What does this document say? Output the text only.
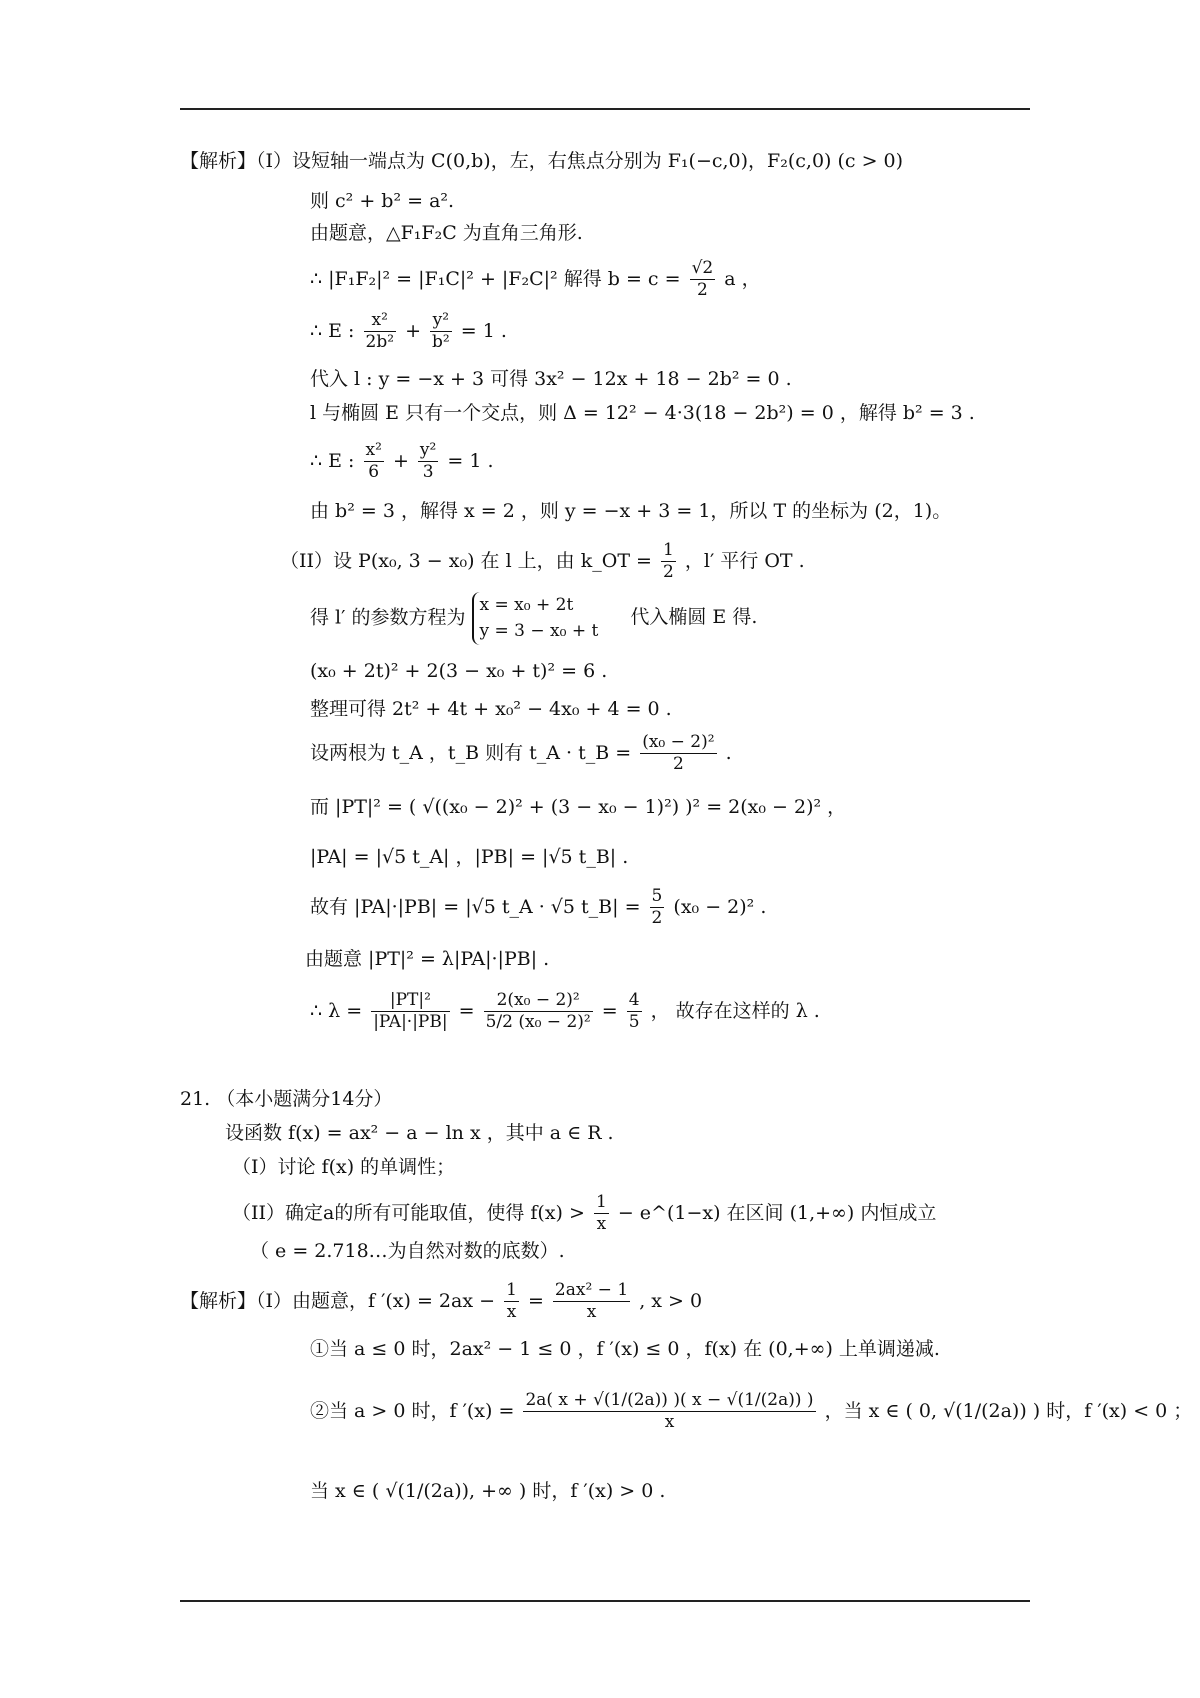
【解析】（I）设短轴一端点为 C(0,b)，左，右焦点分别为 F₁(−c,0)，F₂(c,0) (c > 0)
则 c² + b² = a².
由题意，△F₁F₂C 为直角三角形.
∴ |F₁F₂|² = |F₁C|² + |F₂C|² 解得 $b = c = \frac{√2}{2}$ a ，
∴ E : $\frac{\text{x²}}{\text{2b²}} + \frac{\text{y²}}{\text{b²}} = 1$ .
代入 l : y = −x + 3 可得 3x² − 12x + 18 − 2b² = 0 .
l 与椭圆 E 只有一个交点，则 Δ = 12² − 4·3(18 − 2b²) = 0 ，解得 b² = 3 .
∴ E : $\frac{\text{x²}}{6} + \frac{\text{y²}}{3} = 1$ .
由 b² = 3 ，解得 x = 2 ，则 y = −x + 3 = 1，所以 T 的坐标为 (2，1)。
（II）设 P(x₀, 3 − x₀) 在 l 上，由 k_OT = $\frac{1}{2}$ ，l′ 平行 OT .
得 l′ 的参数方程为
x = x₀ + 2t
y = 3 − x₀ + t
代入椭圆 E 得.
(x₀ + 2t)² + 2(3 − x₀ + t)² = 6 .
整理可得 2t² + 4t + x₀² − 4x₀ + 4 = 0 .
设两根为 t_A ，t_B 则有 t_A · t_B = $\frac{\text{(x₀ − 2)²}}{2}$ .
而 |PT|² = ( √((x₀ − 2)² + (3 − x₀ − 1)²) )² = 2(x₀ − 2)² ，
|PA| = |√5 t_A| ，|PB| = |√5 t_B| .
故有 |PA|·|PB| = |√5 t_A · √5 t_B| = $\frac{5}{2} (x_0 - 2)^2$ .
由题意 |PT|² = λ|PA|·|PB| .
∴ $\lambda = \frac{\text{|PT|²}}{|PA|\cdot|PB|} = \frac{\text{2(x₀ − 2)²}}{\text{5/2 (x₀ − 2)²}} = \frac{4}{5}$ ， 故存在这样的 λ .
21. （本小题满分14分）
设函数 f(x) = ax² − a − ln x ，其中 a ∈ R .
（I）讨论 f(x) 的单调性；
（II）确定a的所有可能取值，使得 $f(x) > \frac{1}{x}$ − e^(1−x) 在区间 (1,+∞) 内恒成立
（ e = 2.718…为自然对数的底数）.
【解析】（I）由题意，f $'(x) = 2ax - \frac{1}{x} = \frac{\text{2ax² − 1}}{x}$ , x > 0
①当 a ≤ 0 时，2ax² − 1 ≤ 0 ，f ′(x) ≤ 0 ，f(x) 在 (0,+∞) 上单调递减.
②当 a > 0 时，f $'(x) = \frac{2a( x + √(1/(2a)) )( x - √(1/(2a)) )}{x}$ ，当 x ∈ ( 0, √(1/(2a)) ) 时，f ′(x) < 0 ；
当 x ∈ ( √(1/(2a)), +∞ ) 时，f ′(x) > 0 .
